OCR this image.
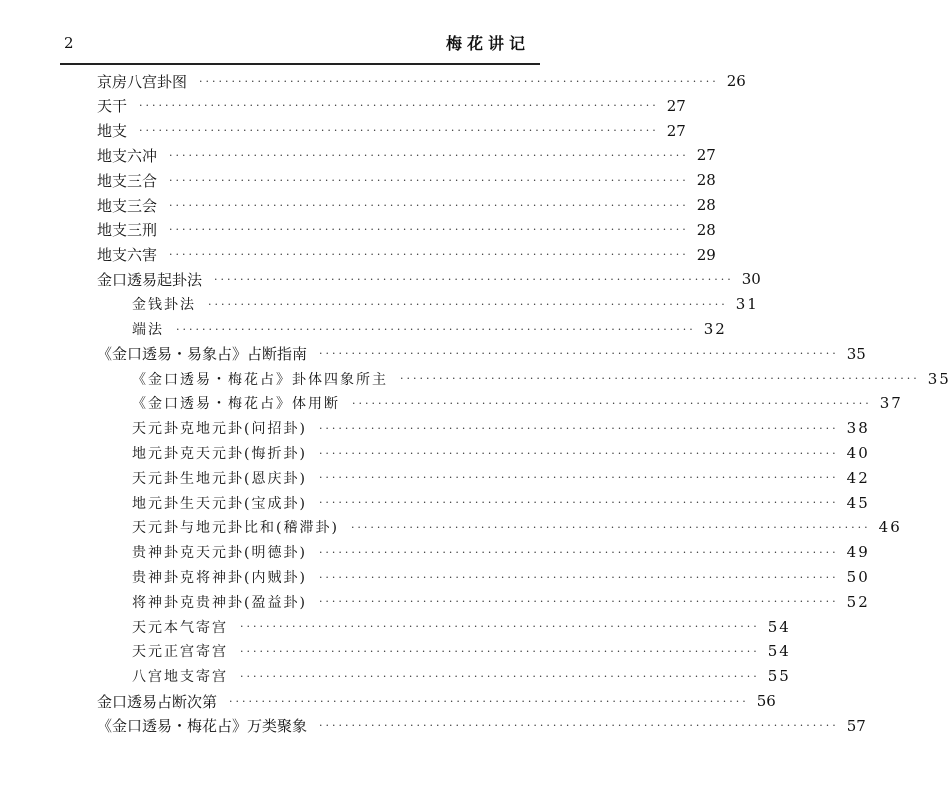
2	梅花讲记
京房八宫卦图 ················································································ 26
天干 ················································································ 27
地支 ················································································ 27
地支六冲 ················································································ 27
地支三合 ················································································ 28
地支三会 ················································································ 28
地支三刑 ················································································ 28
地支六害 ················································································ 29
金口透易起卦法 ················································································ 30
金钱卦法 ················································································ 31
端法 ················································································ 32
《金口透易・易象占》占断指南 ················································································ 35
《金口透易・梅花占》卦体四象所主 ················································································ 35
《金口透易・梅花占》体用断 ················································································ 37
天元卦克地元卦(问招卦) ················································································ 38
地元卦克天元卦(悔折卦) ················································································ 40
天元卦生地元卦(恩庆卦) ················································································ 42
地元卦生天元卦(宝成卦) ················································································ 45
天元卦与地元卦比和(稽滞卦) ················································································ 46
贵神卦克天元卦(明德卦) ················································································ 49
贵神卦克将神卦(内贼卦) ················································································ 50
将神卦克贵神卦(盈益卦) ················································································ 52
天元本气寄宫 ················································································ 54
天元正宫寄宫 ················································································ 54
八宫地支寄宫 ················································································ 55
金口透易占断次第 ················································································ 56
《金口透易・梅花占》万类聚象 ················································································ 57
